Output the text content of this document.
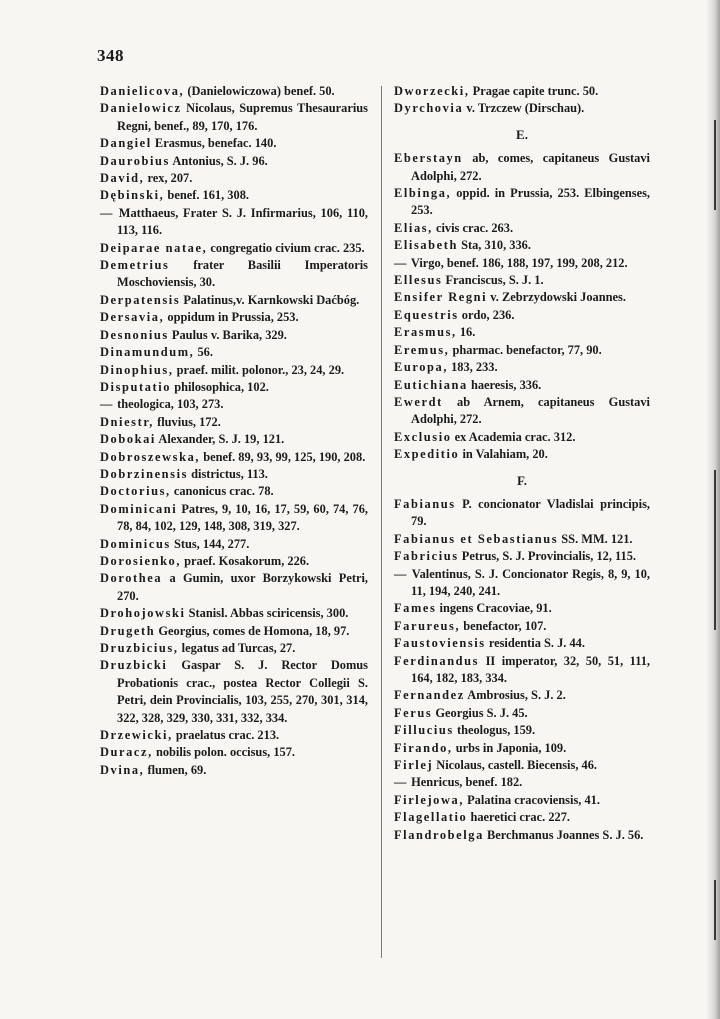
348

Danielicova, (Danielowiczowa) benef. 50.

Danielowicz Nicolaus, Supremus Thesaurarius Regni, benef., 89, 170, 176.

Dangiel Erasmus, benefac. 140.

Daurobius Antonius, S. J. 96.

David, rex, 207.

Dębinski, benef. 161, 308.

— Matthaeus, Frater S. J. Infirmarius, 106, 110, 113, 116.

Deiparae natae, congregatio civium crac. 235.

Demetrius frater Basilii Imperatoris Moschoviensis, 30.

Derpatensis Palatinus,v. Karnkowski Daćbóg.

Dersavia, oppidum in Prussia, 253.

Desnonius Paulus v. Barika, 329.

Dinamundum, 56.

Dinophius, praef. milit. polonor., 23, 24, 29.

Disputatio philosophica, 102.

— theologica, 103, 273.

Dniestr, fluvius, 172.

Dobokai Alexander, S. J. 19, 121.

Dobroszewska, benef. 89, 93, 99, 125, 190, 208.

Dobrzinensis districtus, 113.

Doctorius, canonicus crac. 78.

Dominicani Patres, 9, 10, 16, 17, 59, 60, 74, 76, 78, 84, 102, 129, 148, 308, 319, 327.

Dominicus Stus, 144, 277.

Dorosienko, praef. Kosakorum, 226.

Dorothea a Gumin, uxor Borzykowski Petri, 270.

Drohojowski Stanisl. Abbas sciricensis, 300.

Drugeth Georgius, comes de Homona, 18, 97.

Druzbicius, legatus ad Turcas, 27.

Druzbicki Gaspar S. J. Rector Domus Probationis crac., postea Rector Collegii S. Petri, dein Provincialis, 103, 255, 270, 301, 314, 322, 328, 329, 330, 331, 332, 334.

Drzewicki, praelatus crac. 213.

Duracz, nobilis polon. occisus, 157.

Dvina, flumen, 69.

Dworzecki, Pragae capite trunc. 50.

Dyrchovia v. Trzczew (Dirschau).

E.

Eberstayn ab, comes, capitaneus Gustavi Adolphi, 272.

Elbinga, oppid. in Prussia, 253. Elbingenses, 253.

Elias, civis crac. 263.

Elisabeth Sta, 310, 336.

— Virgo, benef. 186, 188, 197, 199, 208, 212.

Ellesus Franciscus, S. J. 1.

Ensifer Regni v. Zebrzydowski Joannes.

Equestris ordo, 236.

Erasmus, 16.

Eremus, pharmac. benefactor, 77, 90.

Europa, 183, 233.

Eutichiana haeresis, 336.

Ewerdt ab Arnem, capitaneus Gustavi Adolphi, 272.

Exclusio ex Academia crac. 312.

Expeditio in Valahiam, 20.

F.

Fabianus P. concionator Vladislai principis, 79.

Fabianus et Sebastianus SS. MM. 121.

Fabricius Petrus, S. J. Provincialis, 12, 115.

— Valentinus, S. J. Concionator Regis, 8, 9, 10, 11, 194, 240, 241.

Fames ingens Cracoviae, 91.

Farureus, benefactor, 107.

Faustoviensis residentia S. J. 44.

Ferdinandus II imperator, 32, 50, 51, 111, 164, 182, 183, 334.

Fernandez Ambrosius, S. J. 2.

Ferus Georgius S. J. 45.

Fillucius theologus, 159.

Firando, urbs in Japonia, 109.

Firlej Nicolaus, castell. Biecensis, 46.

— Henricus, benef. 182.

Firlejowa, Palatina cracoviensis, 41.

Flagellatio haeretici crac. 227.

Flandrobelga Berchmanus Joannes S. J. 56.
